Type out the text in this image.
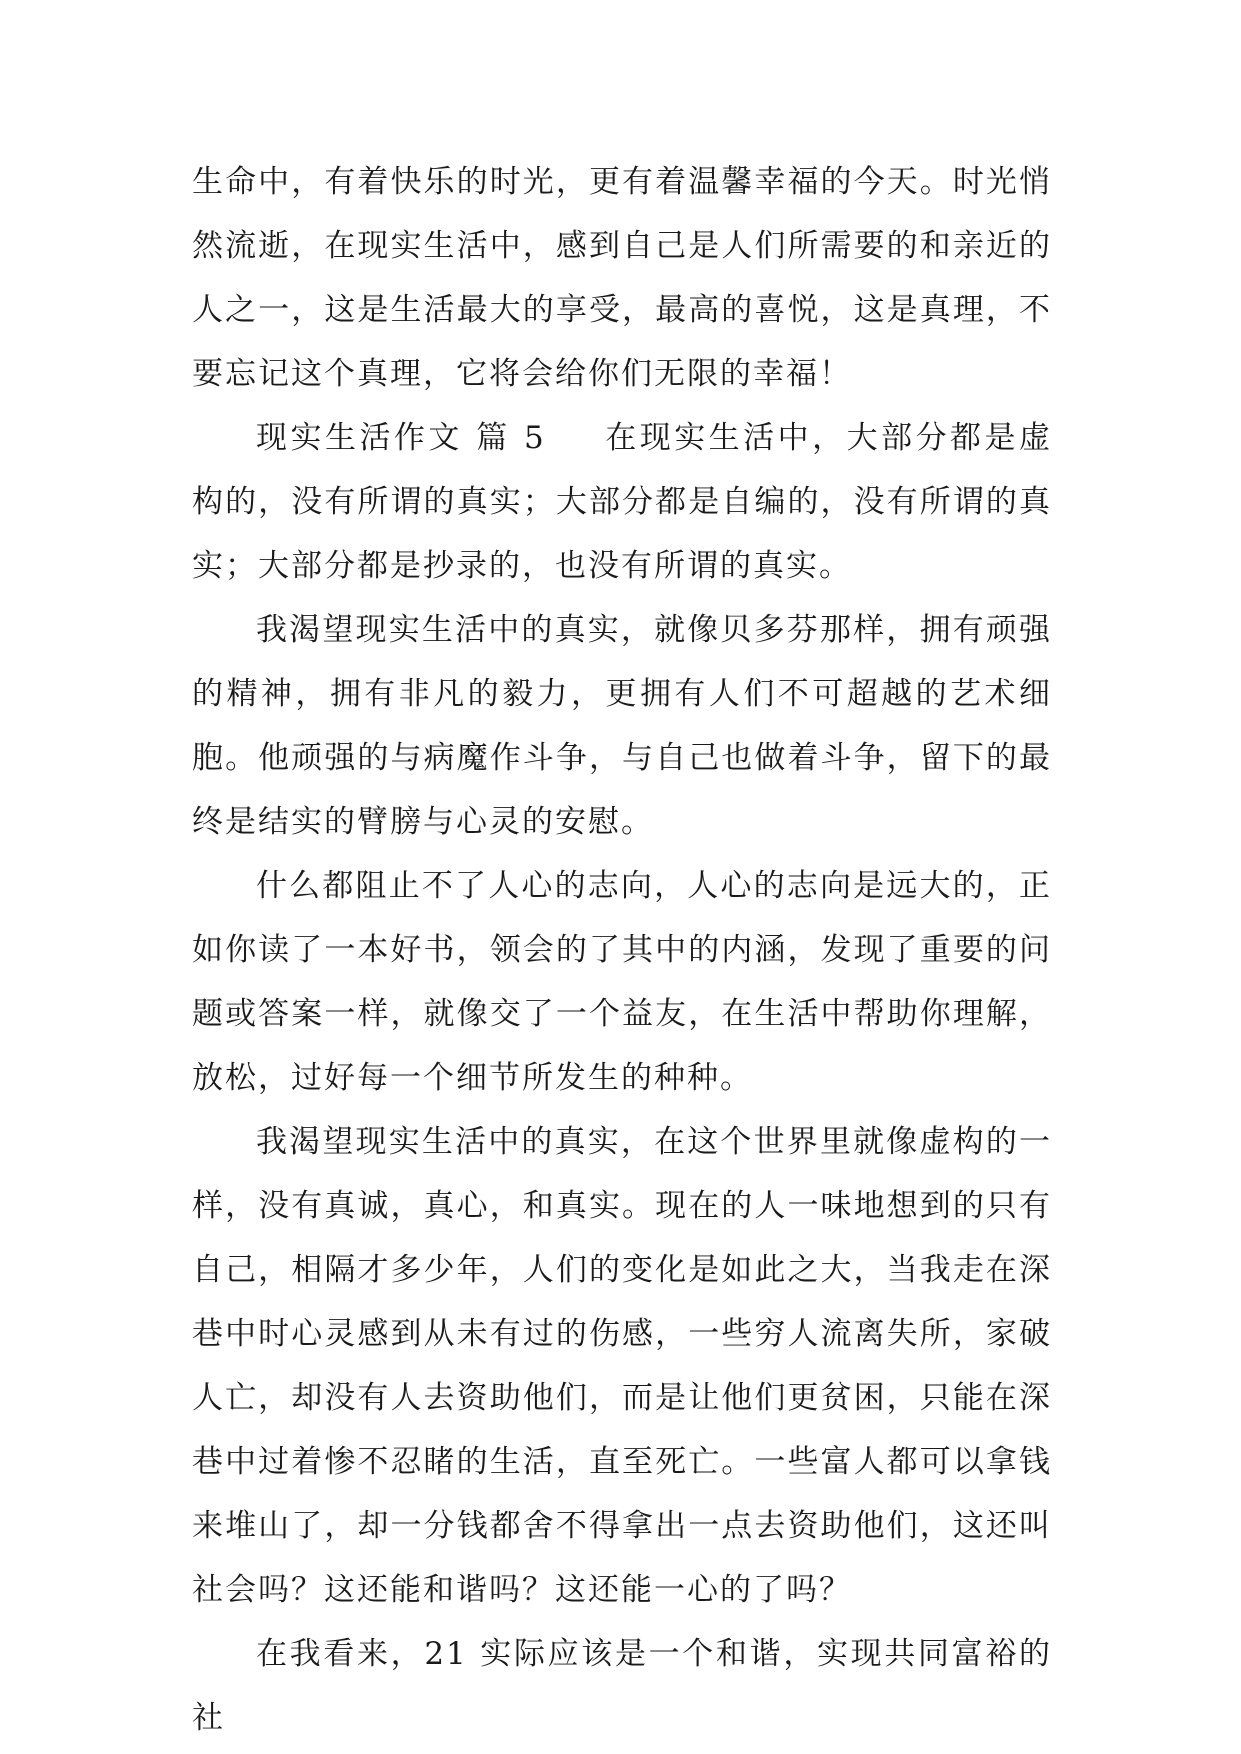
生命中，有着快乐的时光，更有着温馨幸福的今天。时光悄然流逝，在现实生活中，感到自己是人们所需要的和亲近的人之一，这是生活最大的享受，最高的喜悦，这是真理，不要忘记这个真理，它将会给你们无限的幸福！

现实生活作文 篇 5 在现实生活中，大部分都是虚构的，没有所谓的真实；大部分都是自编的，没有所谓的真实；大部分都是抄录的，也没有所谓的真实。

我渴望现实生活中的真实，就像贝多芬那样，拥有顽强的精神，拥有非凡的毅力，更拥有人们不可超越的艺术细胞。他顽强的与病魔作斗争，与自己也做着斗争，留下的最终是结实的臂膀与心灵的安慰。

什么都阻止不了人心的志向，人心的志向是远大的，正如你读了一本好书，领会的了其中的内涵，发现了重要的问题或答案一样，就像交了一个益友，在生活中帮助你理解，放松，过好每一个细节所发生的种种。

我渴望现实生活中的真实，在这个世界里就像虚构的一样，没有真诚，真心，和真实。现在的人一味地想到的只有自己，相隔才多少年，人们的变化是如此之大，当我走在深巷中时心灵感到从未有过的伤感，一些穷人流离失所，家破人亡，却没有人去资助他们，而是让他们更贫困，只能在深巷中过着惨不忍睹的生活，直至死亡。一些富人都可以拿钱来堆山了，却一分钱都舍不得拿出一点去资助他们，这还叫社会吗？这还能和谐吗？这还能一心的了吗？

在我看来，21 实际应该是一个和谐，实现共同富裕的社
